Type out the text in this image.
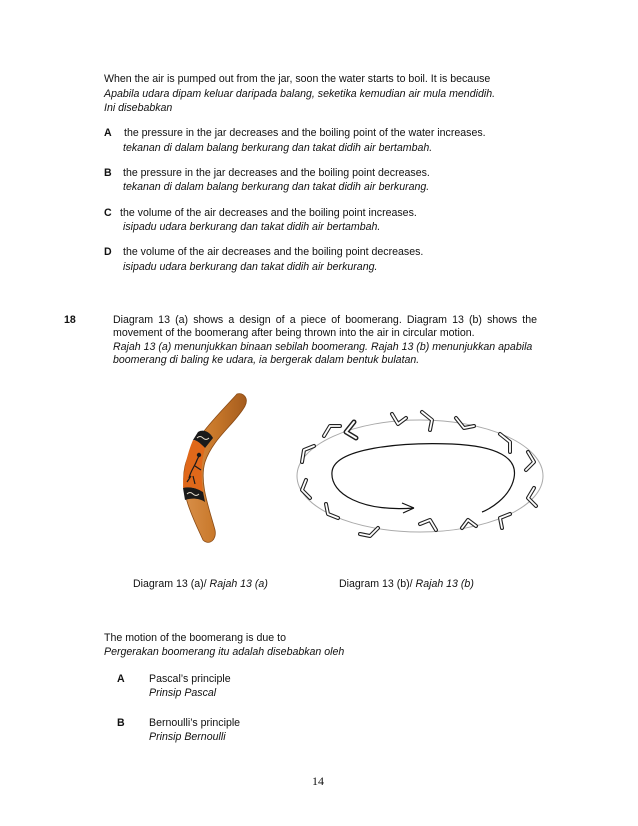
When the air is pumped out from the jar, soon the water starts to boil. It is because
Apabila udara dipam keluar daripada balang, seketika kemudian air mula mendidih.
Ini disebabkan
A the pressure in the jar decreases and the boiling point of the water increases.
tekanan di dalam balang berkurang dan takat didih air bertambah.
B the pressure in the jar decreases and the boiling point decreases.
tekanan di dalam balang berkurang dan takat didih air berkurang.
C the volume of the air decreases and the boiling point increases.
isipadu udara berkurang dan takat didih air bertambah.
D the volume of the air decreases and the boiling point decreases.
isipadu udara berkurang dan takat didih air berkurang.
18	Diagram 13 (a) shows a design of a piece of boomerang. Diagram 13 (b) shows the
movement of the boomerang after being thrown into the air in circular motion.
Rajah 13 (a) menunjukkan binaan sebilah boomerang. Rajah 13 (b) menunjukkan apabila
boomerang di baling ke udara, ia bergerak dalam bentuk bulatan.
Diagram 13 (a)/ Rajah 13 (a)	Diagram 13 (b)/ Rajah 13 (b)
The motion of the boomerang is due to
Pergerakan boomerang itu adalah disebabkan oleh
A Pascal’s principle
Prinsip Pascal
B Bernoulli’s principle
Prinsip Bernoulli
14
